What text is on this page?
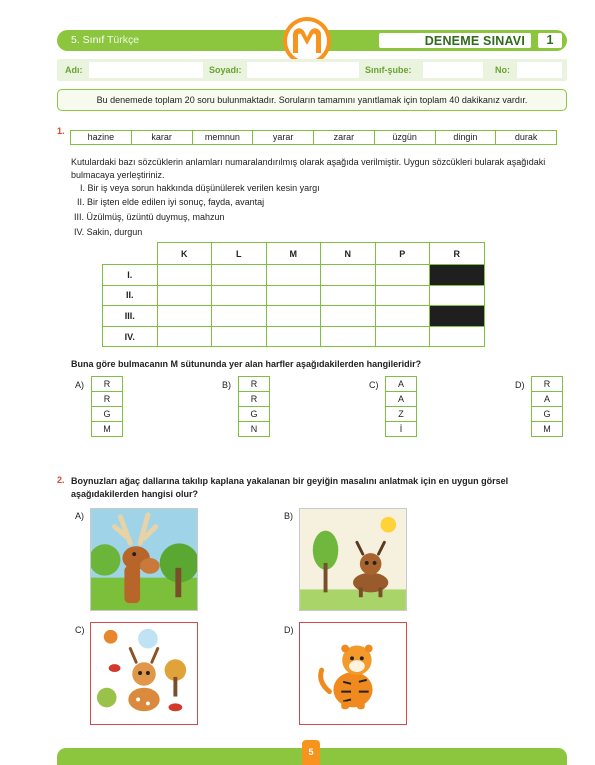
5. Sınıf Türkçe	DENEME SINAVI	1
Adı:	Soyadı:	Sınıf-şube:	No:
Bu denemede toplam 20 soru bulunmaktadır. Soruların tamamını yanıtlamak için toplam 40 dakikanız vardır.
1.
hazine	karar	memnun	yarar	zarar	üzgün	dingin	durak
Kutulardaki bazı sözcüklerin anlamları numaralandırılmış olarak aşağıda verilmiştir. Uygun sözcükleri bularak aşağıdaki bulmacaya yerleştiriniz.
I. Bir iş veya sorun hakkında düşünülerek verilen kesin yargı
II. Bir işten elde edilen iyi sonuç, fayda, avantaj
III. Üzülmüş, üzüntü duymuş, mahzun
IV. Sakin, durgun
	K	L	M	N	P	R
I.						
II.						
III.						
IV.						
Buna göre bulmacanın M sütununda yer alan harfler aşağıdakilerden hangileridir?
A)	R
R
G
M
B)	R
R
G
N
C)	A
A
Z
İ
D)	R
A
G
M
2. Boynuzları ağaç dallarına takılıp kaplana yakalanan bir geyiğin masalını anlatmak için en uygun görsel aşağıdakilerden hangisi olur?
A)	B)
C)	D)
5
